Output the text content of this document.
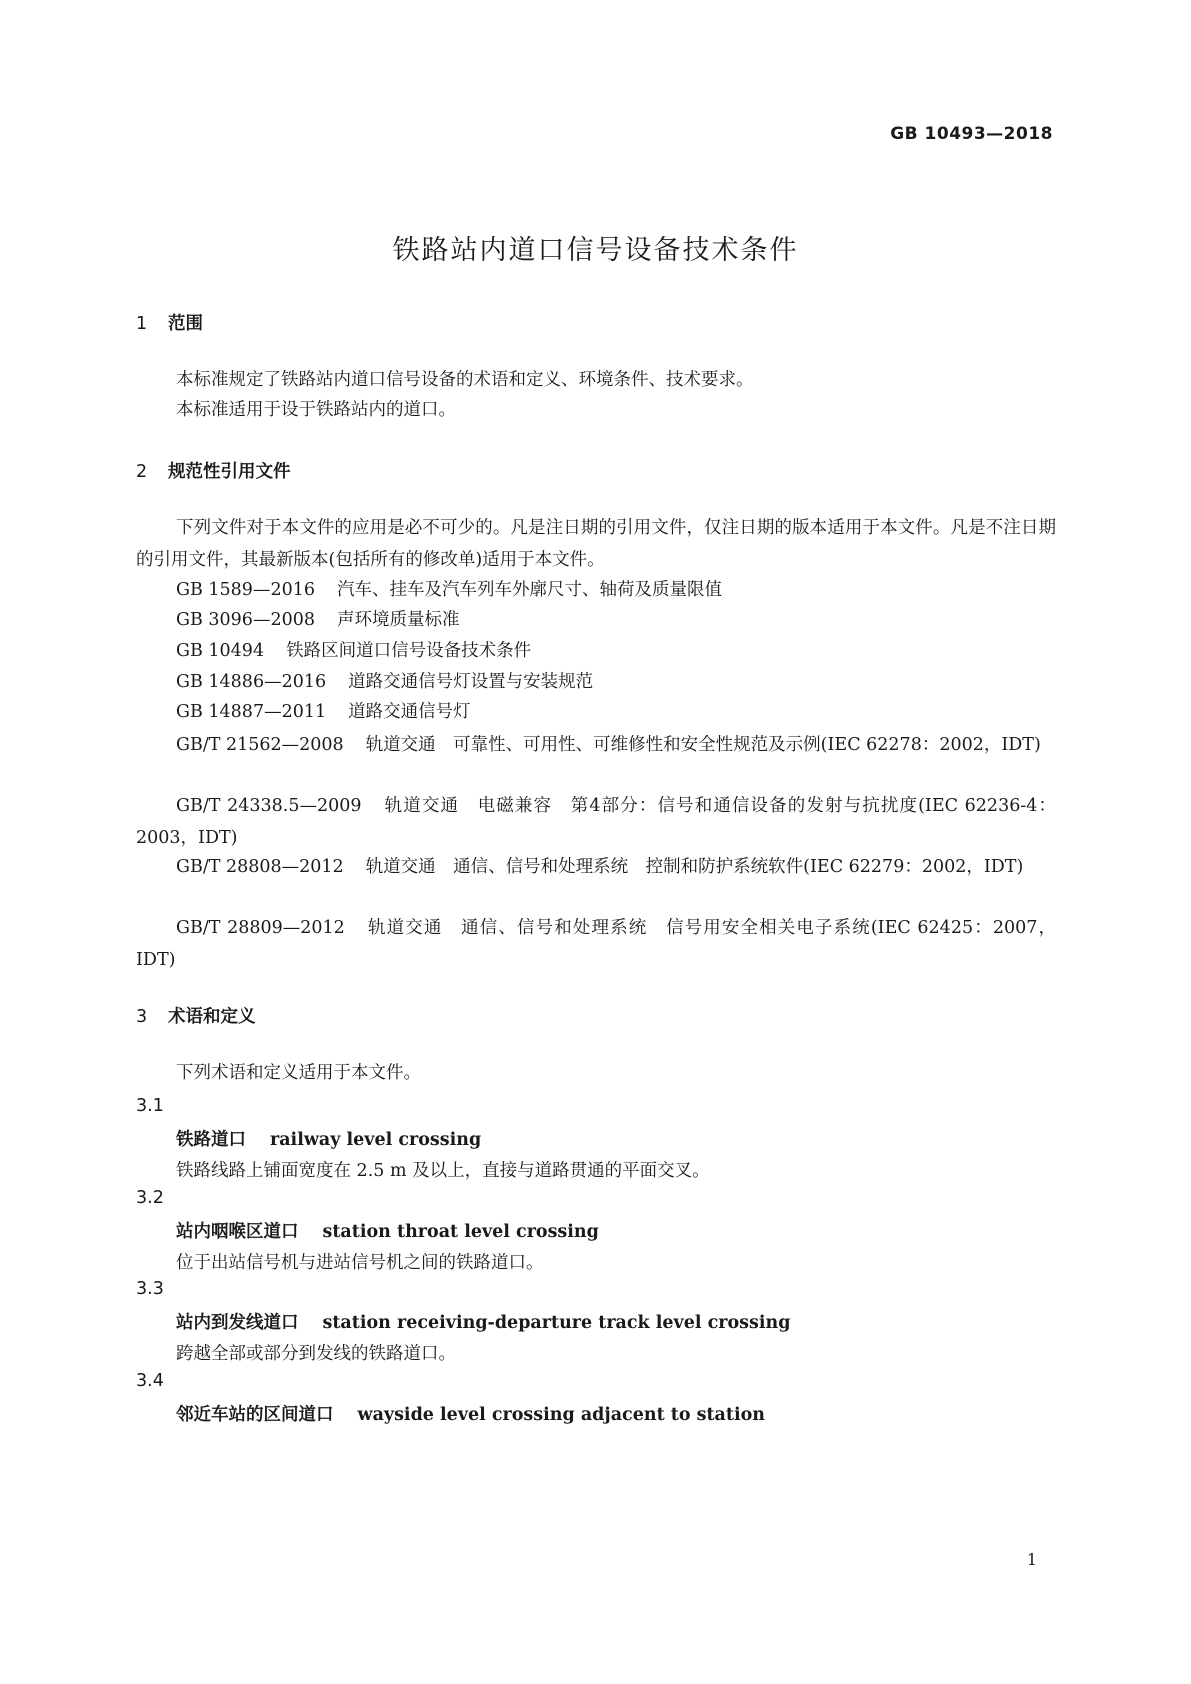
GB 10493—2018
铁路站内道口信号设备技术条件
1 范围
本标准规定了铁路站内道口信号设备的术语和定义、环境条件、技术要求。
本标准适用于设于铁路站内的道口。
2 规范性引用文件
下列文件对于本文件的应用是必不可少的。凡是注日期的引用文件，仅注日期的版本适用于本文件。凡是不注日期的引用文件，其最新版本(包括所有的修改单)适用于本文件。
GB 1589—2016 汽车、挂车及汽车列车外廓尺寸、轴荷及质量限值
GB 3096—2008 声环境质量标准
GB 10494 铁路区间道口信号设备技术条件
GB 14886—2016 道路交通信号灯设置与安装规范
GB 14887—2011 道路交通信号灯
GB/T 21562—2008 轨道交通　可靠性、可用性、可维修性和安全性规范及示例(IEC 62278：2002，IDT)
GB/T 24338.5—2009 轨道交通　电磁兼容　第4部分：信号和通信设备的发射与抗扰度(IEC 62236-4：2003，IDT)
GB/T 28808—2012 轨道交通　通信、信号和处理系统　控制和防护系统软件(IEC 62279：2002，IDT)
GB/T 28809—2012 轨道交通　通信、信号和处理系统　信号用安全相关电子系统(IEC 62425：2007，IDT)
3 术语和定义
下列术语和定义适用于本文件。
3.1
铁路道口 railway level crossing
铁路线路上铺面宽度在 2.5 m 及以上，直接与道路贯通的平面交叉。
3.2
站内咽喉区道口 station throat level crossing
位于出站信号机与进站信号机之间的铁路道口。
3.3
站内到发线道口 station receiving-departure track level crossing
跨越全部或部分到发线的铁路道口。
3.4
邻近车站的区间道口 wayside level crossing adjacent to station
1
